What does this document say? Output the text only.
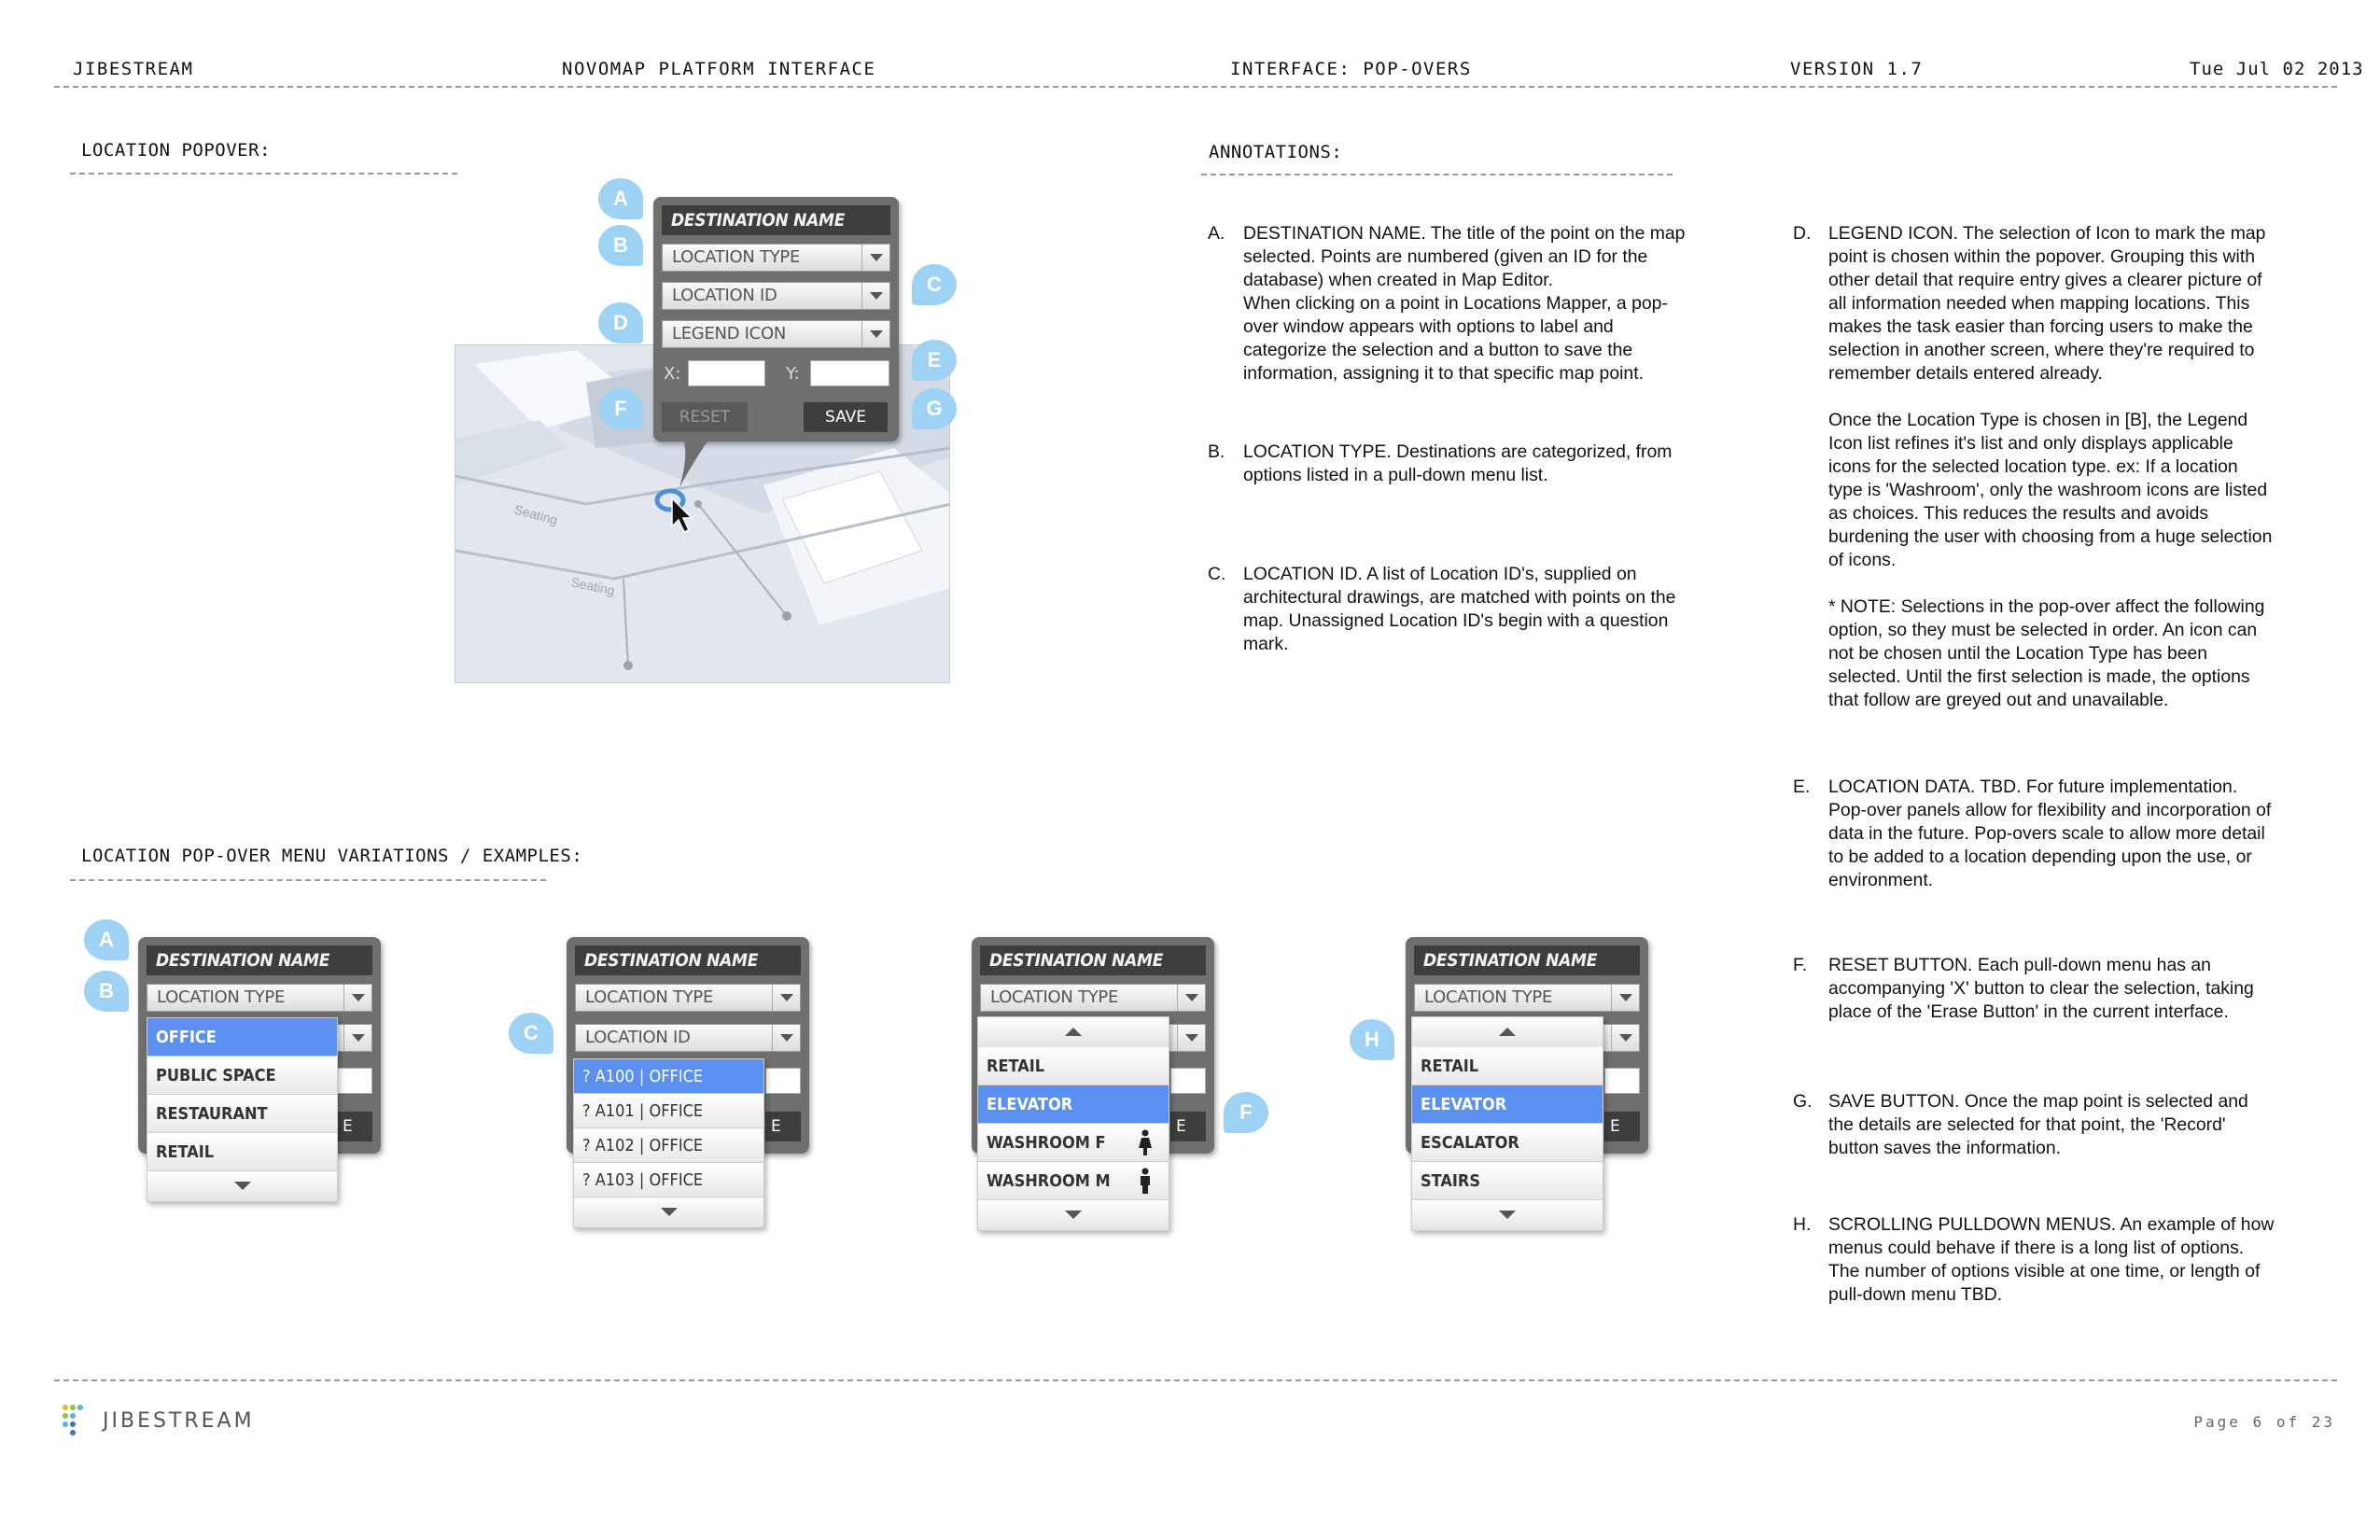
JIBESTREAM	NOVOMAP PLATFORM INTERFACE	INTERFACE: POP-OVERS	VERSION 1.7	Tue Jul 02 2013
LOCATION POPOVER:
Seating
Seating
DESTINATION NAME
LOCATION TYPE
LOCATION ID
LEGEND ICON
X:	Y:
RESET	SAVE
A
B
C
D
E
F	G
LOCATION POP-OVER MENU VARIATIONS / EXAMPLES:
DESTINATION NAME
LOCATION TYPE
E
OFFICE
PUBLIC SPACE
RESTAURANT
RETAIL
A
B
DESTINATION NAME
LOCATION TYPE
LOCATION ID
E
? A100 | OFFICE
? A101 | OFFICE
? A102 | OFFICE
? A103 | OFFICE
C
DESTINATION NAME
LOCATION TYPE
E
RETAIL
ELEVATOR
WASHROOM F
WASHROOM M
F
DESTINATION NAME
LOCATION TYPE
E
RETAIL
ELEVATOR
ESCALATOR
STAIRS
H
ANNOTATIONS:
A. DESTINATION NAME. The title of the point on the map

selected. Points are numbered (given an ID for the

database) when created in Map Editor.

When clicking on a point in Locations Mapper, a pop-

over window appears with options to label and

categorize the selection and a button to save the

information, assigning it to that specific map point.

B. LOCATION TYPE. Destinations are categorized, from

options listed in a pull-down menu list.

C. LOCATION ID. A list of Location ID's, supplied on

architectural drawings, are matched with points on the

map. Unassigned Location ID's begin with a question

mark.

D. LEGEND ICON. The selection of Icon to mark the map

point is chosen within the popover. Grouping this with

other detail that require entry gives a clearer picture of

all information needed when mapping locations. This

makes the task easier than forcing users to make the

selection in another screen, where they're required to

remember details entered already.

Once the Location Type is chosen in [B], the Legend

Icon list refines it's list and only displays applicable

icons for the selected location type. ex: If a location

type is 'Washroom', only the washroom icons are listed

as choices. This reduces the results and avoids

burdening the user with choosing from a huge selection

of icons.

* NOTE: Selections in the pop-over affect the following

option, so they must be selected in order. An icon can

not be chosen until the Location Type has been

selected. Until the first selection is made, the options

that follow are greyed out and unavailable.

E. LOCATION DATA. TBD. For future implementation.

Pop-over panels allow for flexibility and incorporation of

data in the future. Pop-overs scale to allow more detail

to be added to a location depending upon the use, or

environment.

F. RESET BUTTON. Each pull-down menu has an

accompanying 'X' button to clear the selection, taking

place of the 'Erase Button' in the current interface.

G. SAVE BUTTON. Once the map point is selected and

the details are selected for that point, the 'Record'

button saves the information.

H. SCROLLING PULLDOWN MENUS. An example of how

menus could behave if there is a long list of options.

The number of options visible at one time, or length of

pull-down menu TBD.

JIBESTREAM	Page 6 of 23
